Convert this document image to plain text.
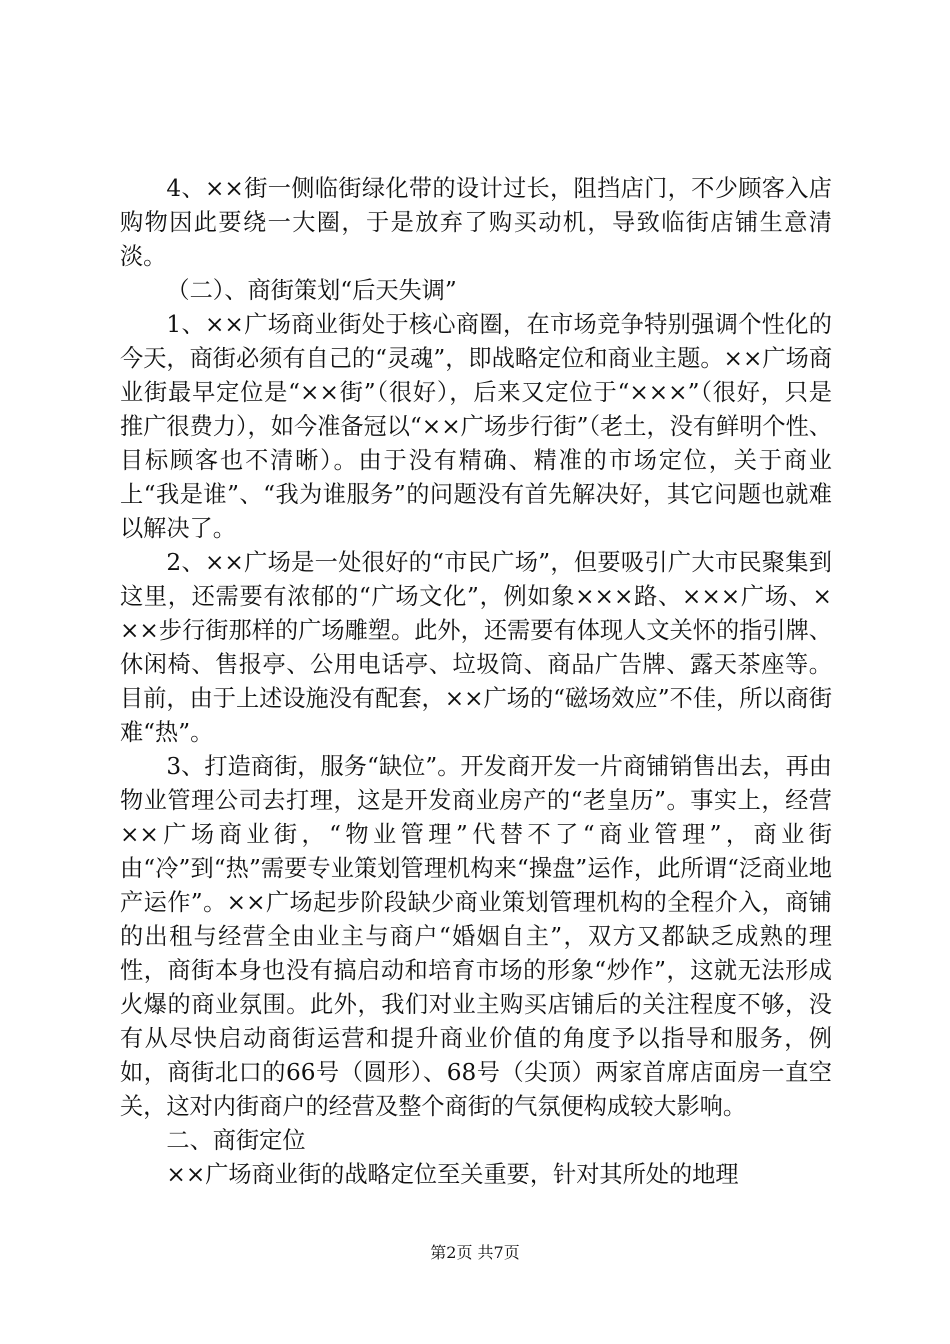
4、××街一侧临街绿化带的设计过长，阻挡店门，不少顾客入店购物因此要绕一大圈，于是放弃了购买动机，导致临街店铺生意清淡。

（二）、商街策划“后天失调”

1、××广场商业街处于核心商圈，在市场竞争特别强调个性化的今天，商街必须有自己的“灵魂”，即战略定位和商业主题。××广场商业街最早定位是“××街”（很好），后来又定位于“×××”（很好，只是推广很费力），如今准备冠以“××广场步行街”（老土，没有鲜明个性、目标顾客也不清晰）。由于没有精确、精准的市场定位，关于商业上“我是谁”、“我为谁服务”的问题没有首先解决好，其它问题也就难以解决了。

2、××广场是一处很好的“市民广场”，但要吸引广大市民聚集到这里，还需要有浓郁的“广场文化”，例如象×××路、×××广场、×××步行街那样的广场雕塑。此外，还需要有体现人文关怀的指引牌、休闲椅、售报亭、公用电话亭、垃圾筒、商品广告牌、露天茶座等。目前，由于上述设施没有配套，××广场的“磁场效应”不佳，所以商街难“热”。

3、打造商街，服务“缺位”。开发商开发一片商铺销售出去，再由物业管理公司去打理，这是开发商业房产的“老皇历”。事实上，经营××广场商业街，“物业管理”代替不了“商业管理”，商业街由“冷”到“热”需要专业策划管理机构来“操盘”运作，此所谓“泛商业地产运作”。××广场起步阶段缺少商业策划管理机构的全程介入，商铺的出租与经营全由业主与商户“婚姻自主”，双方又都缺乏成熟的理性，商街本身也没有搞启动和培育市场的形象“炒作”，这就无法形成火爆的商业氛围。此外，我们对业主购买店铺后的关注程度不够，没有从尽快启动商街运营和提升商业价值的角度予以指导和服务，例如，商街北口的66号（圆形）、68号（尖顶）两家首席店面房一直空关，这对内街商户的经营及整个商街的气氛便构成较大影响。

二、商街定位

××广场商业街的战略定位至关重要，针对其所处的地理

第2页 共7页
